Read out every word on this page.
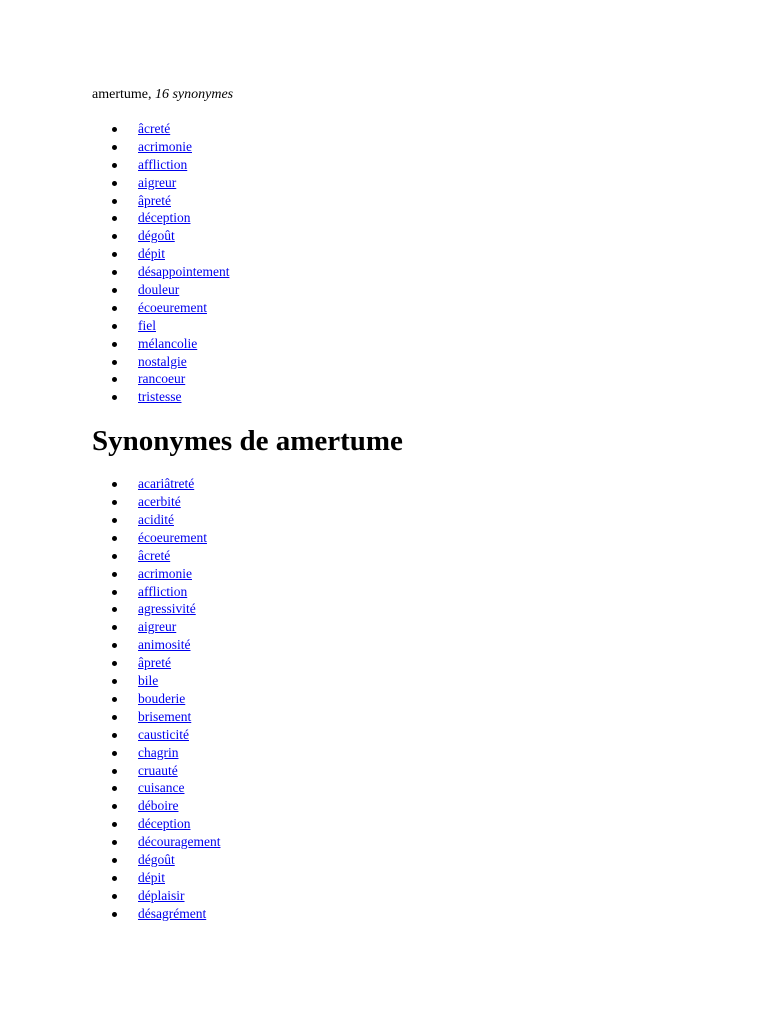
amertume, 16 synonymes

âcreté
acrimonie
affliction
aigreur
âpreté
déception
dégoût
dépit
désappointement
douleur
écoeurement
fiel
mélancolie
nostalgie
rancoeur
tristesse
Synonymes de amertume
acariâtreté
acerbité
acidité
écoeurement
âcreté
acrimonie
affliction
agressivité
aigreur
animosité
âpreté
bile
bouderie
brisement
causticité
chagrin
cruauté
cuisance
déboire
déception
découragement
dégoût
dépit
déplaisir
désagrément
